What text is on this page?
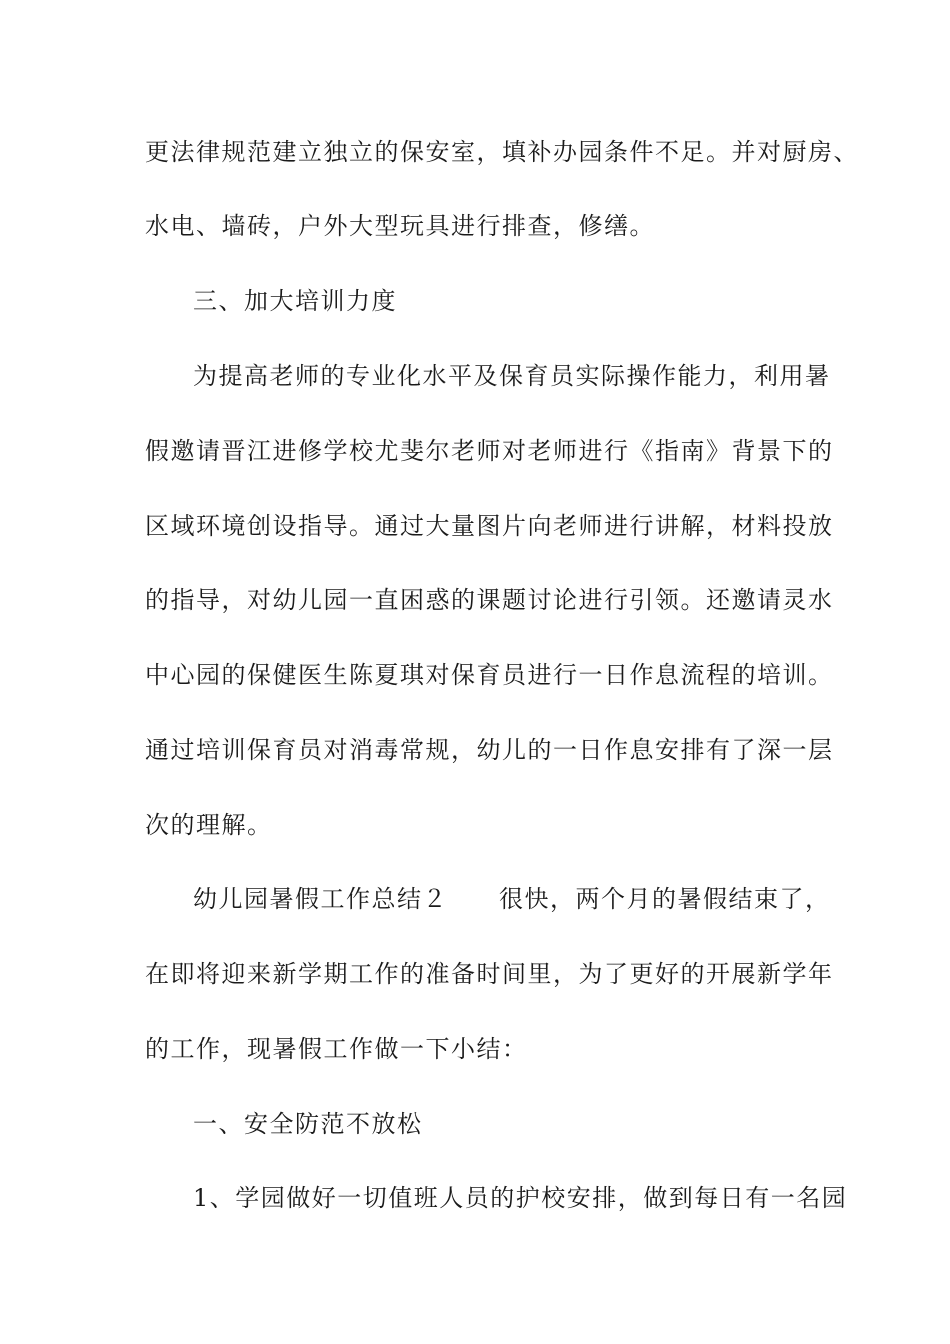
更法律规范建立独立的保安室，填补办园条件不足。并对厨房、
水电、墙砖，户外大型玩具进行排查，修缮。
三、加大培训力度
为提高老师的专业化水平及保育员实际操作能力，利用暑
假邀请晋江进修学校尤斐尔老师对老师进行《指南》背景下的
区域环境创设指导。通过大量图片向老师进行讲解，材料投放
的指导，对幼儿园一直困惑的课题讨论进行引领。还邀请灵水
中心园的保健医生陈夏琪对保育员进行一日作息流程的培训。
通过培训保育员对消毒常规，幼儿的一日作息安排有了深一层
次的理解。
幼儿园暑假工作总结２　　很快，两个月的暑假结束了，
在即将迎来新学期工作的准备时间里，为了更好的开展新学年
的工作，现暑假工作做一下小结：
一、安全防范不放松
1、学园做好一切值班人员的护校安排，做到每日有一名园
